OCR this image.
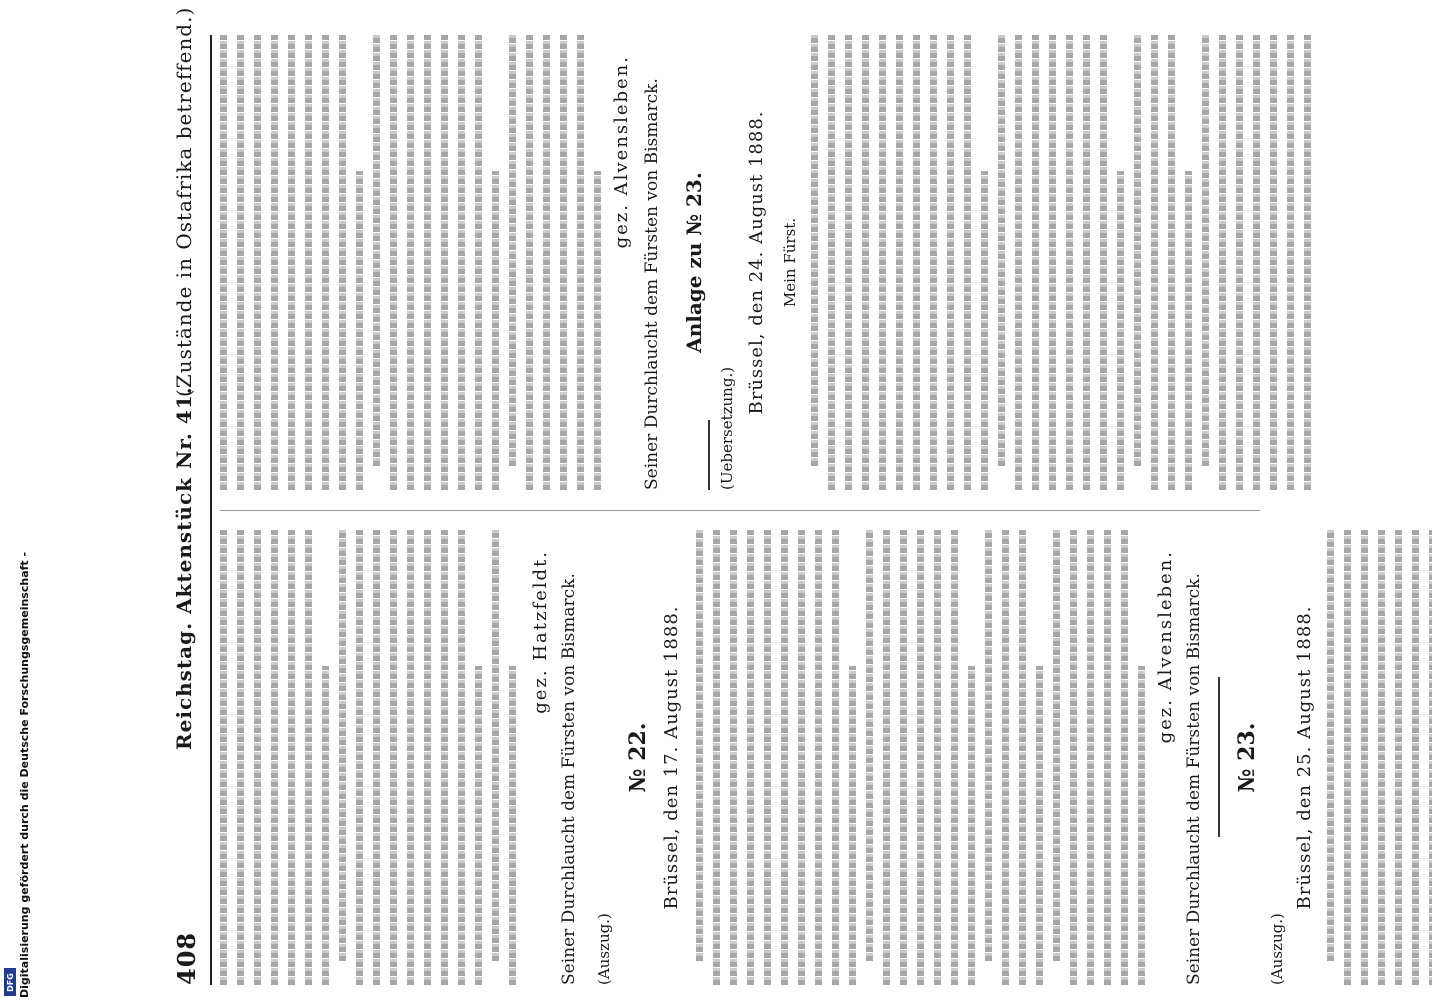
408
Reichstag. Aktenstück Nr. 41.
(Zustände in Ostafrika betreffend.)
gez. Hatzfeldt. Seiner Durchlaucht dem Fürsten von Bismarck. (Auszug.)
№ 22. Brüssel, den 17. August 1888.	gez. Alvensleben. Seiner Durchlaucht dem Fürsten von Bismarck. № 23.
(Auszug.)
Brüssel, den 25. August 1888.
gez. Alvensleben. Seiner Durchlaucht dem Fürsten von Bismarck. Anlage zu № 23.
(Uebersetzung.)
Brüssel, den 24. August 1888. Mein Fürst.
Digitalisierung gefördert durch die Deutsche Forschungsgemeinschaft -
DFG
